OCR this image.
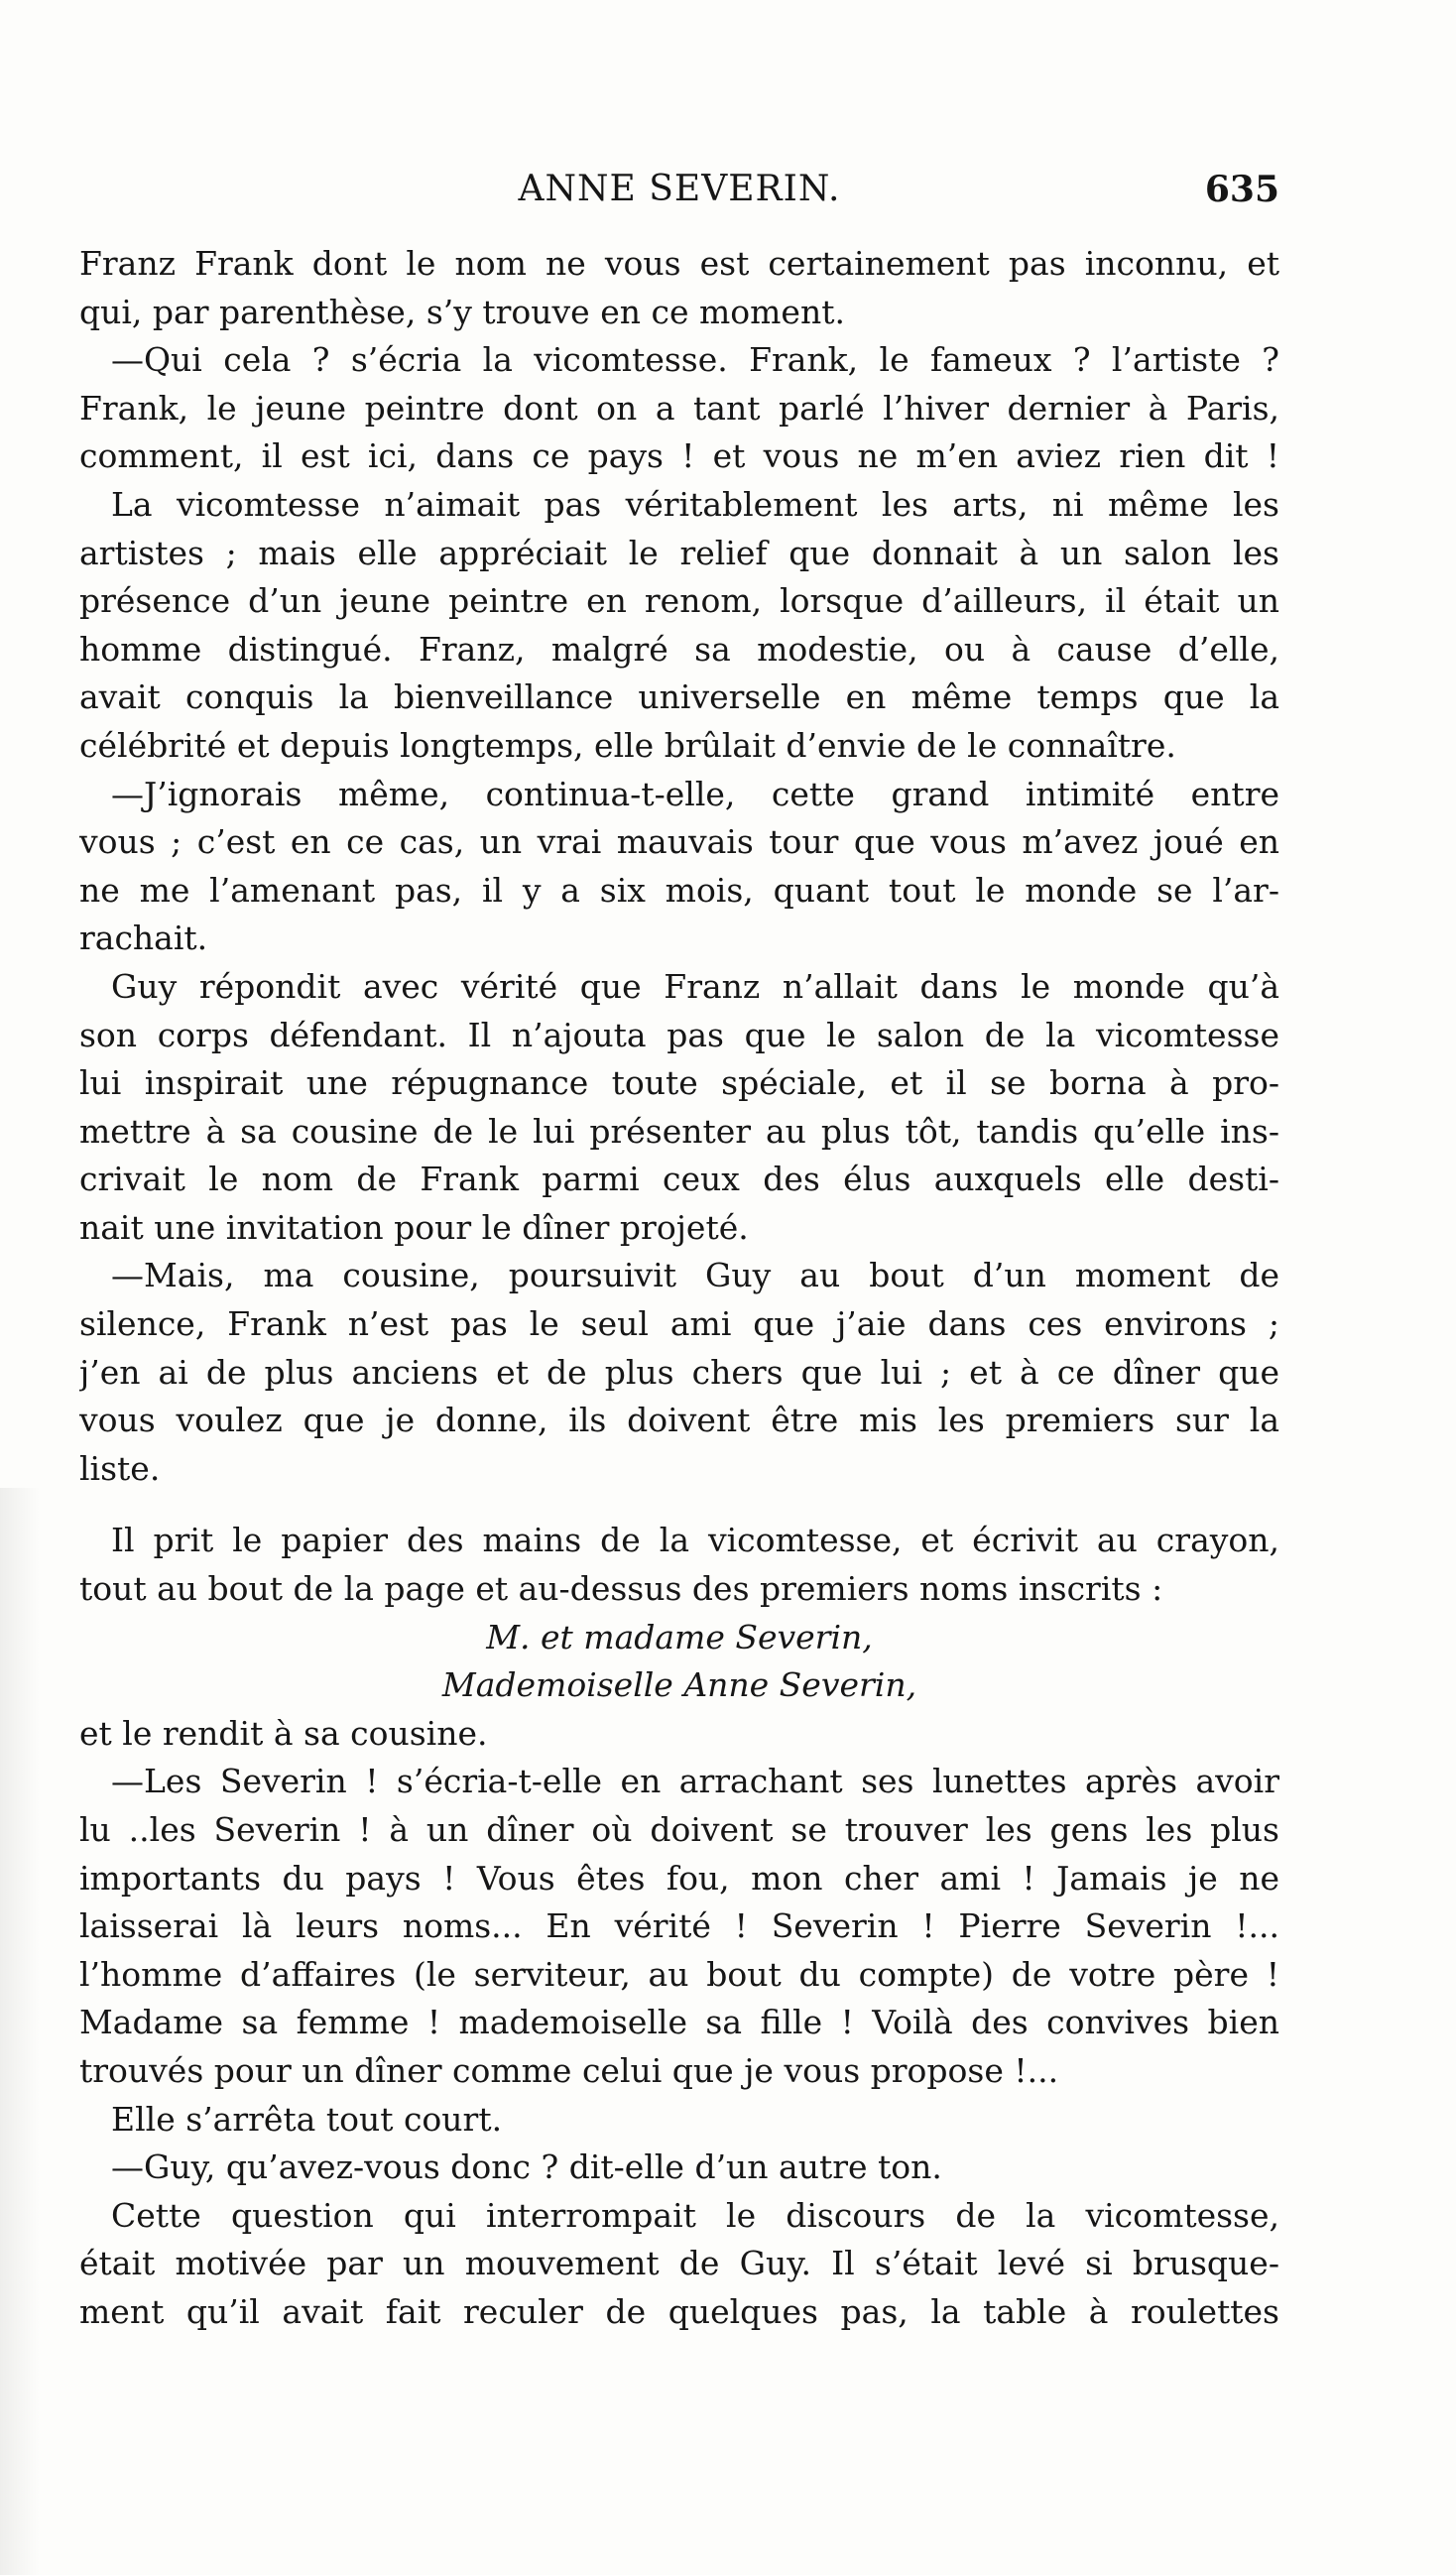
ANNE SEVERIN.	635
Franz Frank dont le nom ne vous est certainement pas inconnu, et
qui, par parenthèse, s’y trouve en ce moment.
—Qui cela ? s’écria la vicomtesse. Frank, le fameux ? l’artiste ?
Frank, le jeune peintre dont on a tant parlé l’hiver dernier à Paris,
comment, il est ici, dans ce pays ! et vous ne m’en aviez rien dit !
La vicomtesse n’aimait pas véritablement les arts, ni même les
artistes ; mais elle appréciait le relief que donnait à un salon les
présence d’un jeune peintre en renom, lorsque d’ailleurs, il était un
homme distingué. Franz, malgré sa modestie, ou à cause d’elle,
avait conquis la bienveillance universelle en même temps que la
célébrité et depuis longtemps, elle brûlait d’envie de le connaître.
—J’ignorais même, continua-t-elle, cette grand intimité entre
vous ; c’est en ce cas, un vrai mauvais tour que vous m’avez joué en
ne me l’amenant pas, il y a six mois, quant tout le monde se l’ar-
rachait.
Guy répondit avec vérité que Franz n’allait dans le monde qu’à
son corps défendant. Il n’ajouta pas que le salon de la vicomtesse
lui inspirait une répugnance toute spéciale, et il se borna à pro-
mettre à sa cousine de le lui présenter au plus tôt, tandis qu’elle ins-
crivait le nom de Frank parmi ceux des élus auxquels elle desti-
nait une invitation pour le dîner projeté.
—Mais, ma cousine, poursuivit Guy au bout d’un moment de
silence, Frank n’est pas le seul ami que j’aie dans ces environs ;
j’en ai de plus anciens et de plus chers que lui ; et à ce dîner que
vous voulez que je donne, ils doivent être mis les premiers sur la
liste.
Il prit le papier des mains de la vicomtesse, et écrivit au crayon,
tout au bout de la page et au-dessus des premiers noms inscrits :
M. et madame Severin,
Mademoiselle Anne Severin,
et le rendit à sa cousine.
—Les Severin ! s’écria-t-elle en arrachant ses lunettes après avoir
lu ..les Severin ! à un dîner où doivent se trouver les gens les plus
importants du pays ! Vous êtes fou, mon cher ami ! Jamais je ne
laisserai là leurs noms... En vérité ! Severin ! Pierre Severin !...
l’homme d’affaires (le serviteur, au bout du compte) de votre père !
Madame sa femme ! mademoiselle sa fille ! Voilà des convives bien
trouvés pour un dîner comme celui que je vous propose !...
Elle s’arrêta tout court.
—Guy, qu’avez-vous donc ? dit-elle d’un autre ton.
Cette question qui interrompait le discours de la vicomtesse,
était motivée par un mouvement de Guy. Il s’était levé si brusque-
ment qu’il avait fait reculer de quelques pas, la table à roulettes
